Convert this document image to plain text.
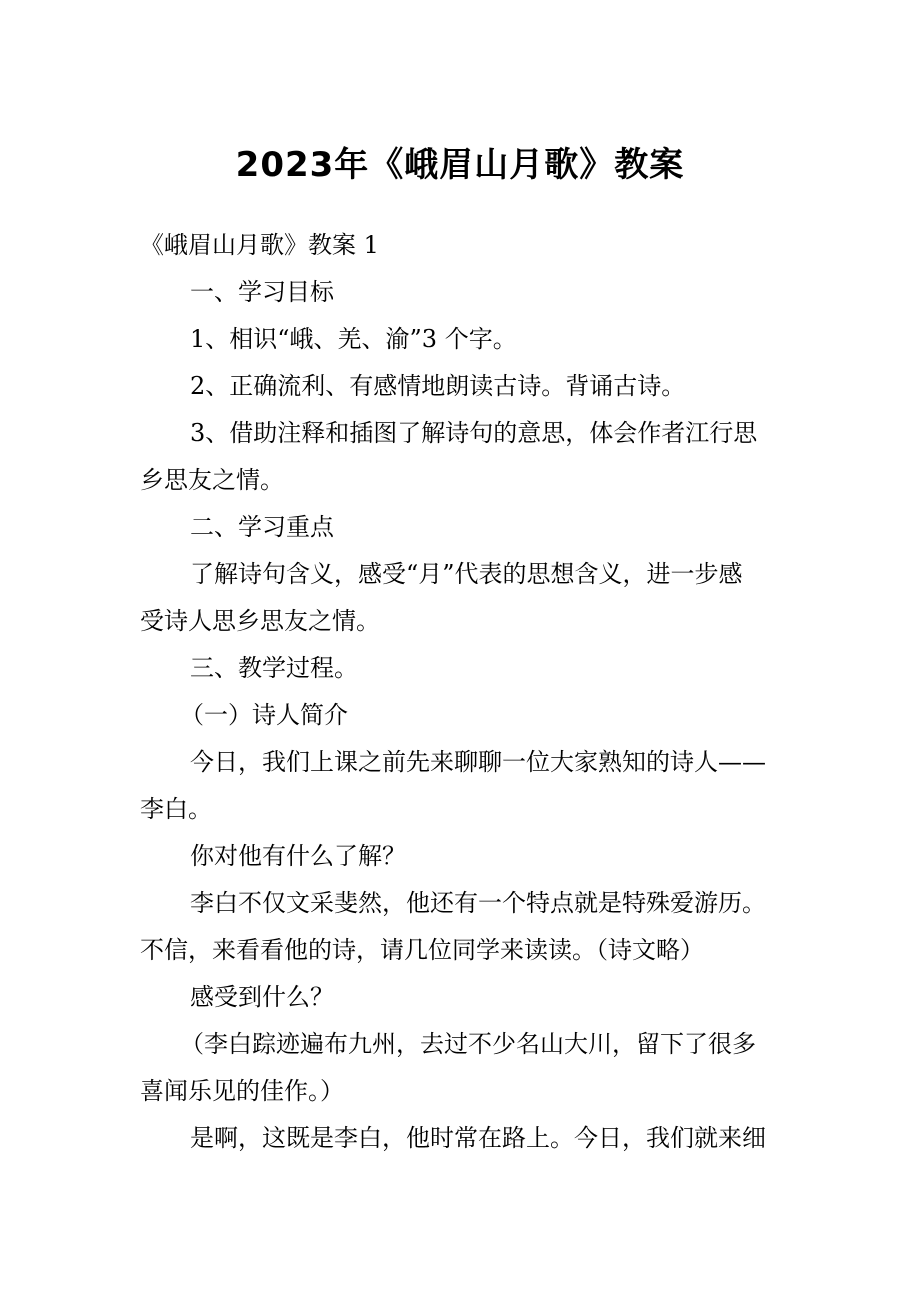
2023年《峨眉山月歌》教案
《峨眉山月歌》教案 1
一、学习目标
1、相识“峨、羌、渝”3 个字。
2、正确流利、有感情地朗读古诗。背诵古诗。
3、借助注释和插图了解诗句的意思，体会作者江行思
乡思友之情。
二、学习重点
了解诗句含义，感受“月”代表的思想含义，进一步感
受诗人思乡思友之情。
三、教学过程。
（一）诗人简介
今日，我们上课之前先来聊聊一位大家熟知的诗人——
李白。
你对他有什么了解？
李白不仅文采斐然，他还有一个特点就是特殊爱游历。
不信，来看看他的诗，请几位同学来读读。（诗文略）
感受到什么？
（李白踪迹遍布九州，去过不少名山大川，留下了很多
喜闻乐见的佳作。）
是啊，这既是李白，他时常在路上。今日，我们就来细
